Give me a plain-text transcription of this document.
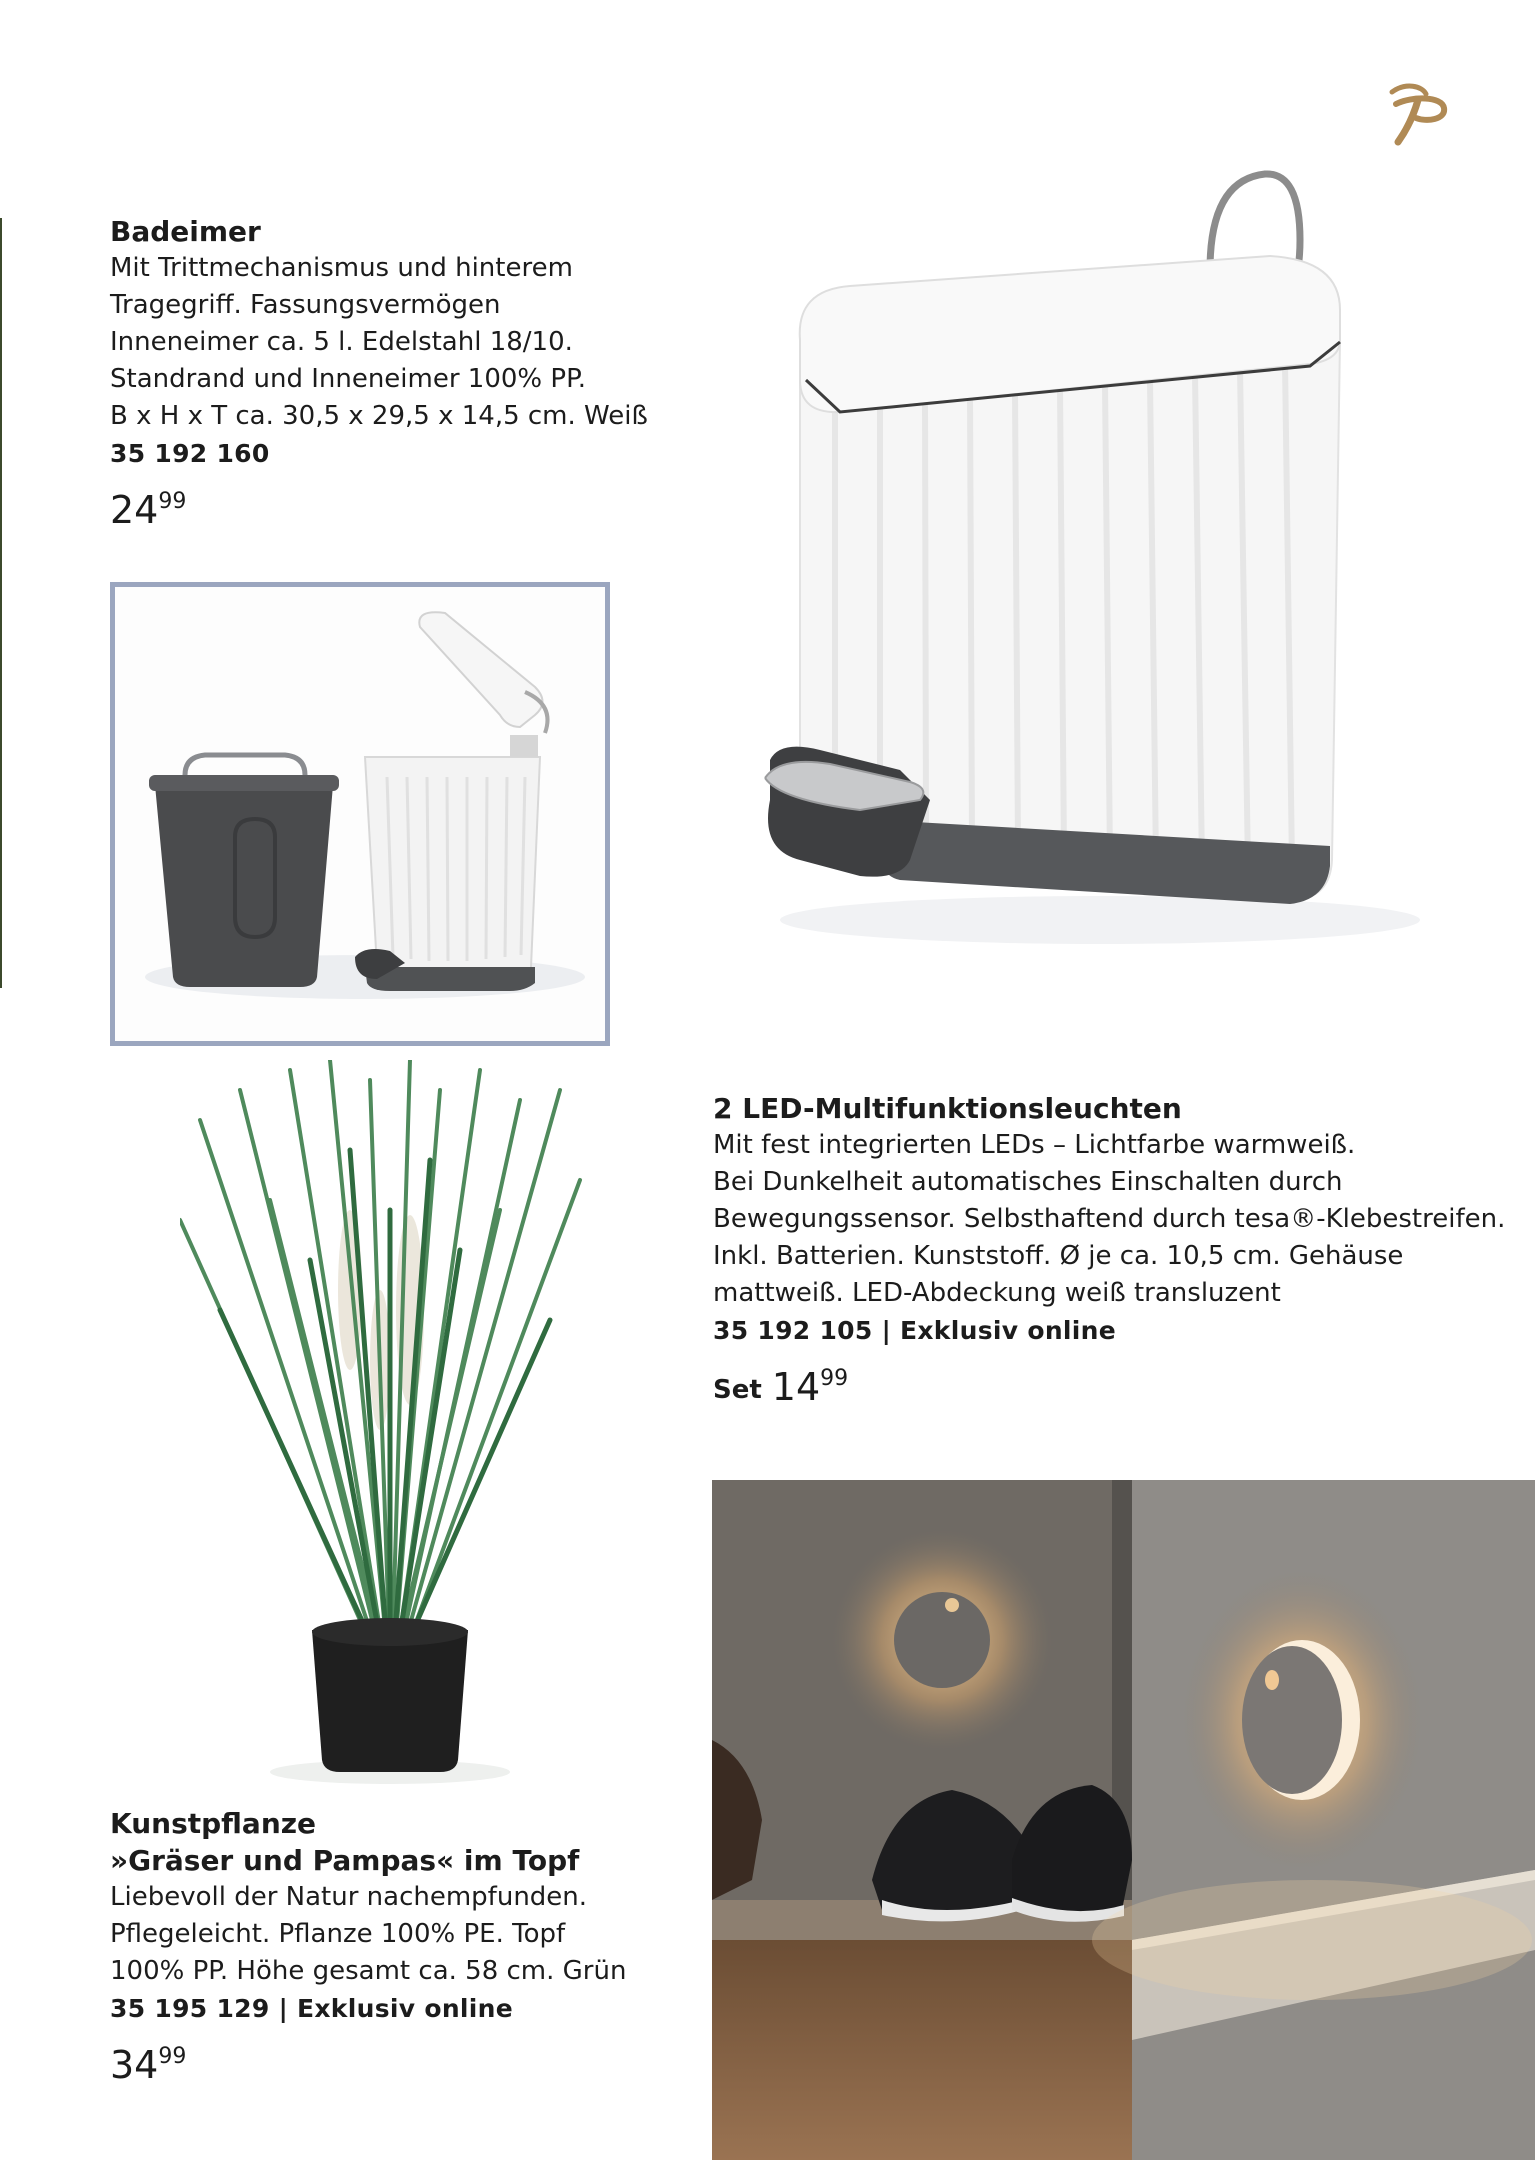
Badeimer

Mit Trittmechanismus und hinterem
Tragegriff. Fassungsvermögen
Inneneimer ca. 5 l. Edelstahl 18/10.
Standrand und Inneneimer 100% PP.
B x H x T ca. 30,5 x 29,5 x 14,5 cm. Weiß

35 192 160

$24^{99}$

2 LED-Multifunktionsleuchten

Mit fest integrierten LEDs – Lichtfarbe warmweiß.
Bei Dunkelheit automatisches Einschalten durch
Bewegungssensor. Selbsthaftend durch tesa®-Klebestreifen.
Inkl. Batterien. Kunststoff. Ø je ca. 10,5 cm. Gehäuse
mattweiß. LED-Abdeckung weiß transluzent

35 192 105 | Exklusiv online

Set $14^{99}$

Kunstpflanze

»Gräser und Pampas« im Topf

Liebevoll der Natur nachempfunden.
Pflegeleicht. Pflanze 100% PE. Topf
100% PP. Höhe gesamt ca. 58 cm. Grün

35 195 129 | Exklusiv online

$34^{99}$
